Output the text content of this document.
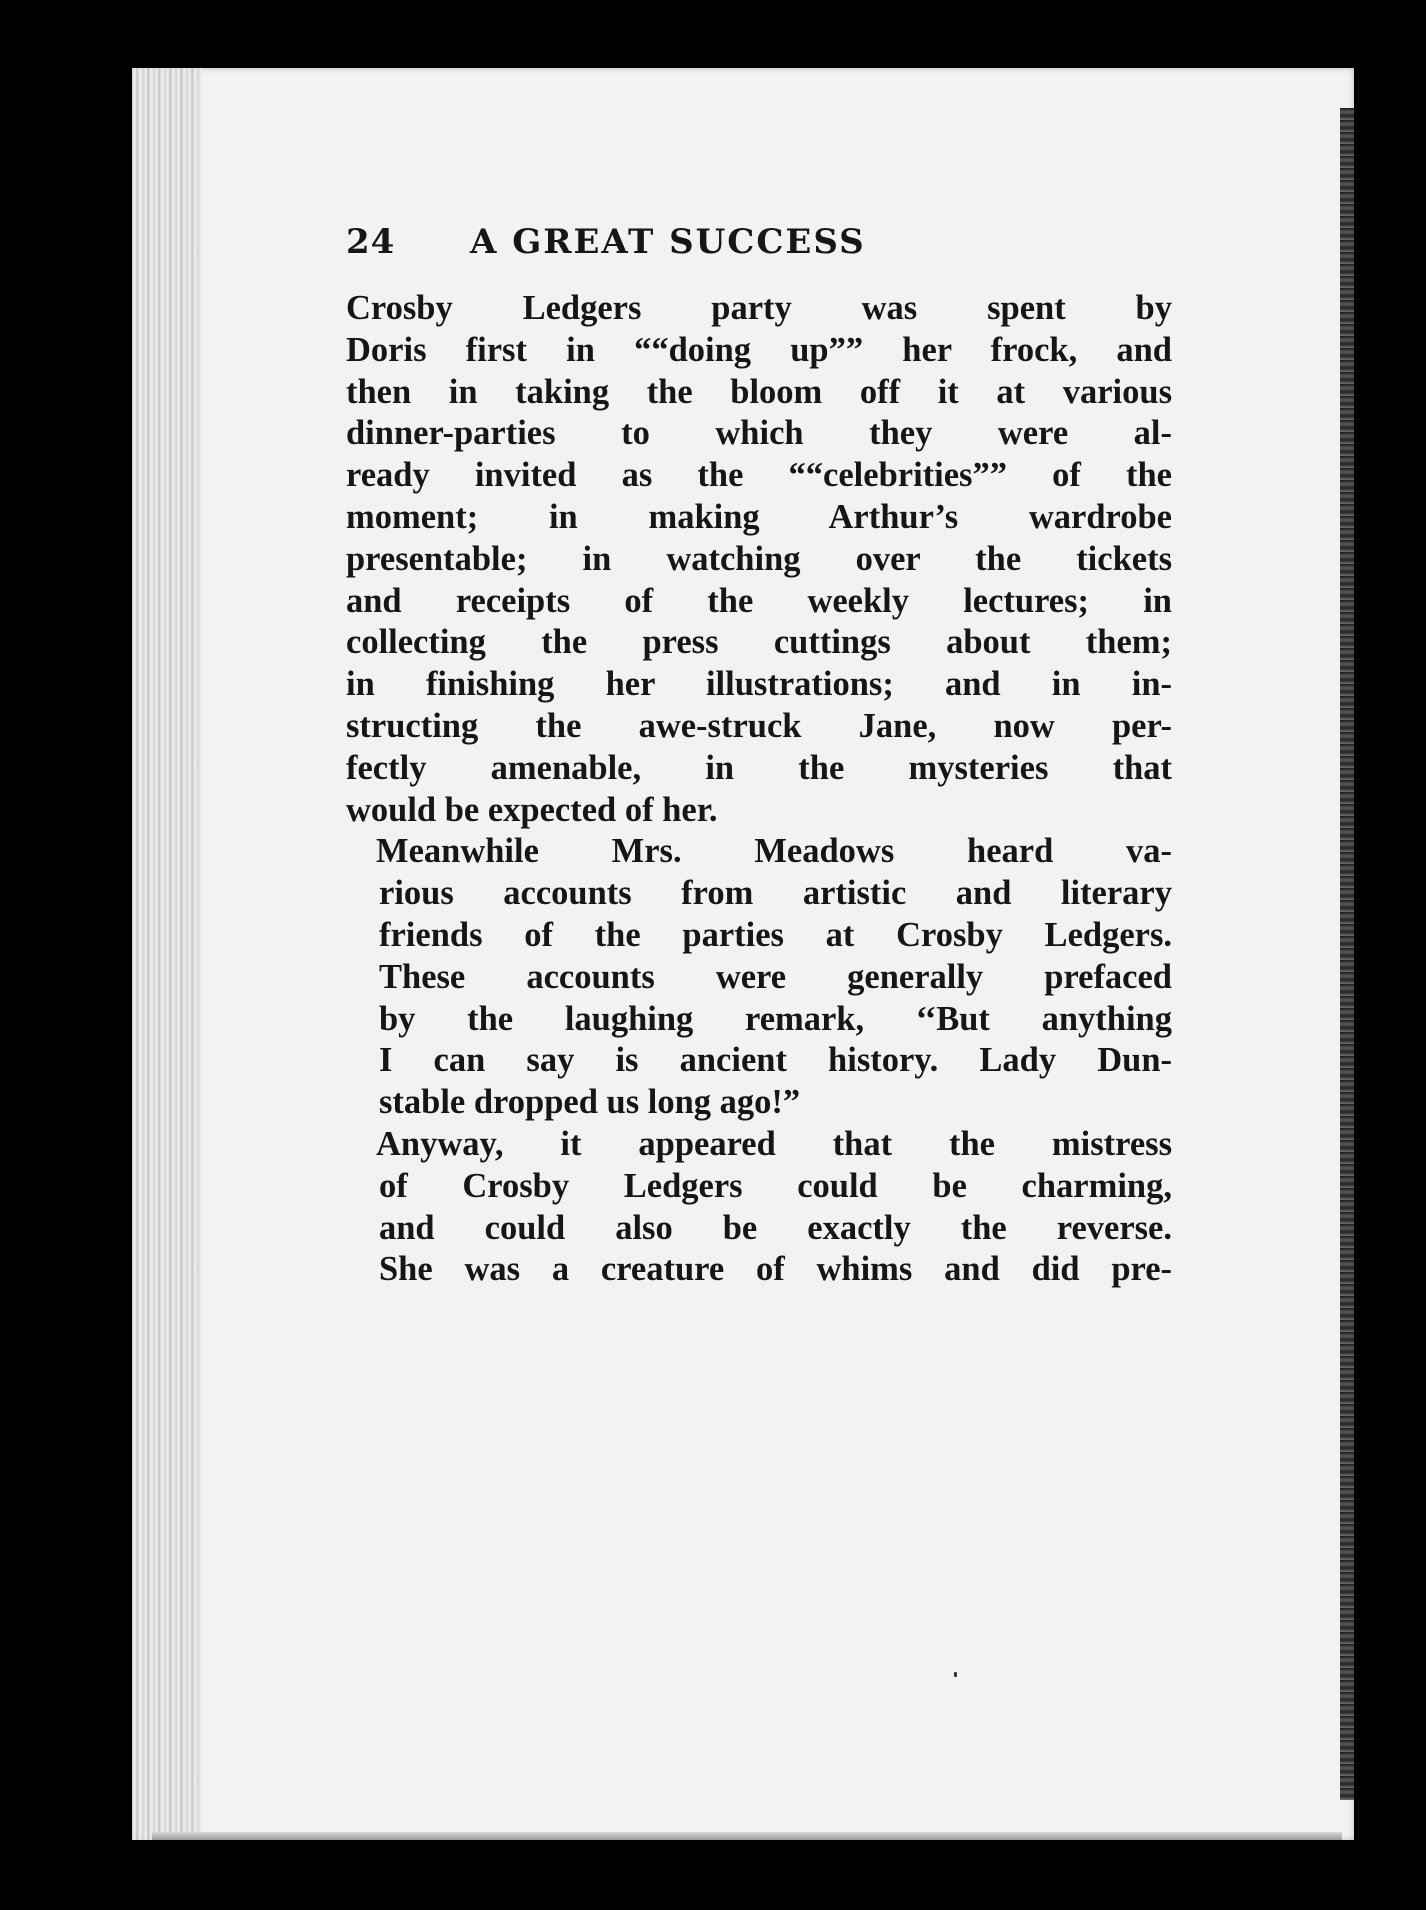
24	A GREAT SUCCESS

Crosby Ledgers party was spent by
Doris first in ““doing up”” her frock, and
then in taking the bloom off it at various
dinner-parties to which they were al-
ready invited as the ““celebrities”” of the
moment; in making Arthur’s wardrobe
presentable; in watching over the tickets
and receipts of the weekly lectures; in
collecting the press cuttings about them;
in finishing her illustrations; and in in-
structing the awe-struck Jane, now per-
fectly amenable, in the mysteries that
would be expected of her.

Meanwhile Mrs. Meadows heard va-
rious accounts from artistic and literary
friends of the parties at Crosby Ledgers.
These accounts were generally prefaced
by the laughing remark, ‘‘But anything
I can say is ancient history. Lady Dun-
stable dropped us long ago!”

Anyway, it appeared that the mistress
of Crosby Ledgers could be charming,
and could also be exactly the reverse.
She was a creature of whims and did pre-
